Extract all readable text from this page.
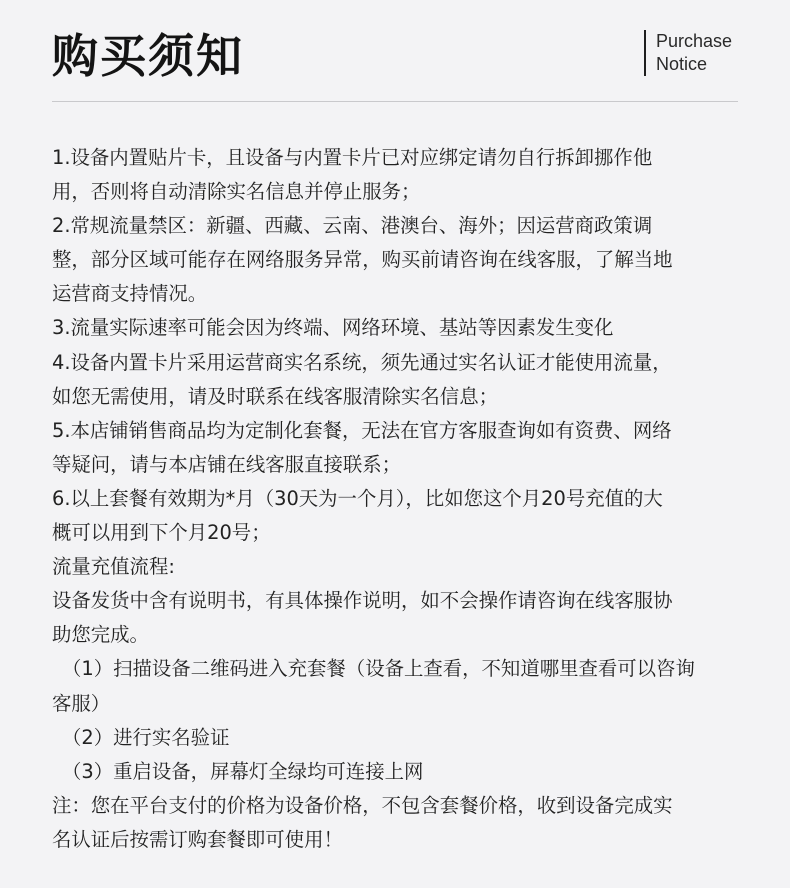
购买须知	Purchase
Notice
1.设备内置贴片卡，且设备与内置卡片已对应绑定请勿自行拆卸挪作他
用，否则将自动清除实名信息并停止服务；
2.常规流量禁区：新疆、西藏、云南、港澳台、海外；因运营商政策调
整，部分区域可能存在网络服务异常，购买前请咨询在线客服，了解当地
运营商支持情况。
3.流量实际速率可能会因为终端、网络环境、基站等因素发生变化
4.设备内置卡片采用运营商实名系统，须先通过实名认证才能使用流量，
如您无需使用，请及时联系在线客服清除实名信息；
5.本店铺销售商品均为定制化套餐，无法在官方客服查询如有资费、网络
等疑问，请与本店铺在线客服直接联系；
6.以上套餐有效期为*月（30天为一个月），比如您这个月20号充值的大
概可以用到下个月20号；
流量充值流程:
设备发货中含有说明书，有具体操作说明，如不会操作请咨询在线客服协
助您完成。
（1）扫描设备二维码进入充套餐（设备上查看，不知道哪里查看可以咨询
客服）
（2）进行实名验证
（3）重启设备，屏幕灯全绿均可连接上网
注：您在平台支付的价格为设备价格，不包含套餐价格，收到设备完成实
名认证后按需订购套餐即可使用！
